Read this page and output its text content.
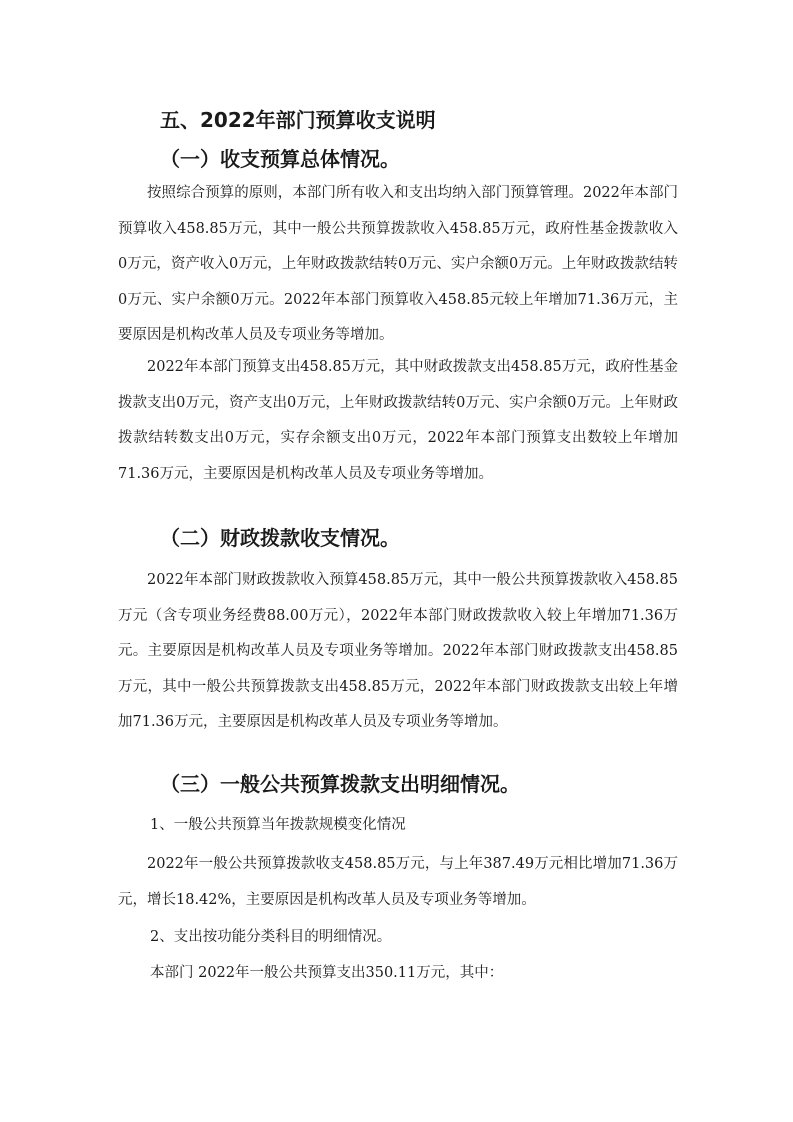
五、2022年部门预算收支说明
（一）收支预算总体情况。

按照综合预算的原则，本部门所有收入和支出均纳入部门预算管理。2022年本部门预算收入458.85万元，其中一般公共预算拨款收入458.85万元，政府性基金拨款收入0万元，资产收入0万元，上年财政拨款结转0万元、实户余额0万元。上年财政拨款结转0万元、实户余额0万元。2022年本部门预算收入458.85元较上年增加71.36万元，主要原因是机构改革人员及专项业务等增加。

2022年本部门预算支出458.85万元，其中财政拨款支出458.85万元，政府性基金拨款支出0万元，资产支出0万元，上年财政拨款结转0万元、实户余额0万元。上年财政拨款结转数支出0万元，实存余额支出0万元，2022年本部门预算支出数较上年增加71.36万元，主要原因是机构改革人员及专项业务等增加。

（二）财政拨款收支情况。

2022年本部门财政拨款收入预算458.85万元，其中一般公共预算拨款收入458.85万元（含专项业务经费88.00万元），2022年本部门财政拨款收入较上年增加71.36万元。主要原因是机构改革人员及专项业务等增加。2022年本部门财政拨款支出458.85万元，其中一般公共预算拨款支出458.85万元，2022年本部门财政拨款支出较上年增加71.36万元，主要原因是机构改革人员及专项业务等增加。

（三）一般公共预算拨款支出明细情况。
1、一般公共预算当年拨款规模变化情况

2022年一般公共预算拨款收支458.85万元，与上年387.49万元相比增加71.36万元，增长18.42%，主要原因是机构改革人员及专项业务等增加。

2、支出按功能分类科目的明细情况。
本部门 2022年一般公共预算支出350.11万元，其中：
